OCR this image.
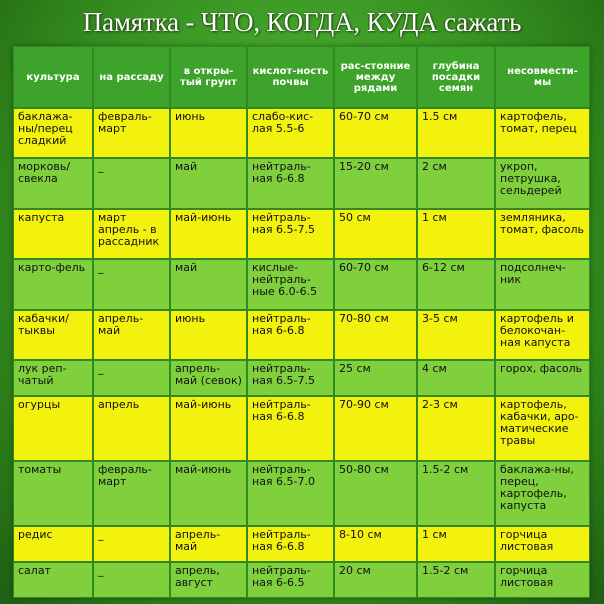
Памятка - ЧТО, КОГДА, КУДА сажать
культура	на рассаду	в откры-тый грунт	кислот-ность почвы	рас-стояние между рядами	глубина посадки семян	несовмести-мы
баклажа-ны/перец сладкий	февраль-март	июнь	слабо-кис-лая 5.5-6	60-70 см	1.5 см	картофель, томат, перец
морковь/ свекла	_	май	нейтраль-ная 6-6.8	15-20 см	2 см	укроп, петрушка, сельдерей
капуста	март апрель - в рассадник	май-июнь	нейтраль-ная 6.5-7.5	50 см	1 см	земляника, томат, фасоль
карто-фель	_	май	кислые-нейтраль-ные 6.0-6.5	60-70 см	6-12 см	подсолнеч-ник
кабачки/ тыквы	апрель-май	июнь	нейтраль-ная 6-6.8	70-80 см	3-5 см	картофель и белокочан-ная капуста
лук реп-чатый	_	апрель-май (севок)	нейтраль-ная 6.5-7.5	25 см	4 см	горох, фасоль
огурцы	апрель	май-июнь	нейтраль-ная 6-6.8	70-90 см	2-3 см	картофель, кабачки, аро-матические травы
томаты	февраль-март	май-июнь	нейтраль-ная 6.5-7.0	50-80 см	1.5-2 см	баклажа-ны, перец, картофель, капуста
редис	_	апрель-май	нейтраль-ная 6-6.8	8-10 см	1 см	горчица листовая
салат	_	апрель, август	нейтраль-ная 6-6.5	20 см	1.5-2 см	горчица листовая
